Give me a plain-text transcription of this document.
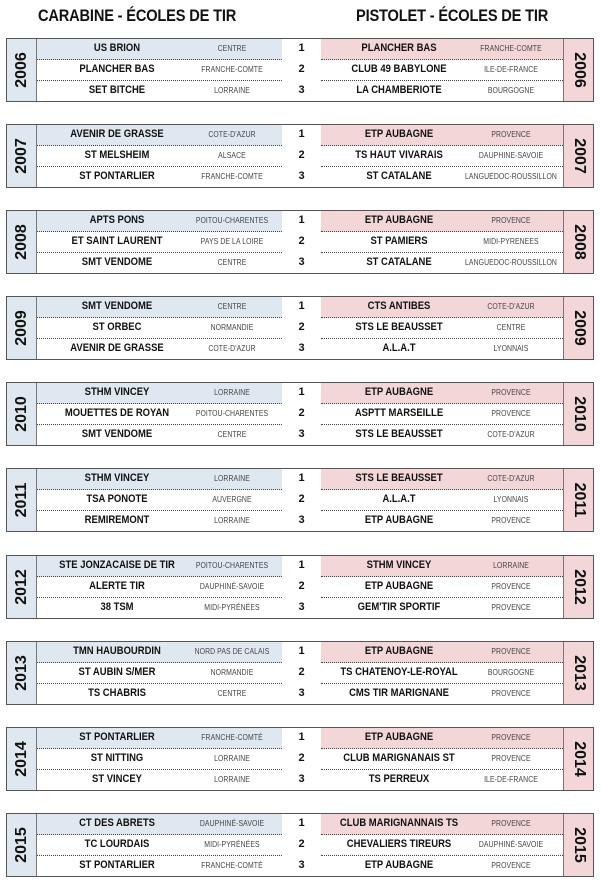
CARABINE - ÉCOLES DE TIR	PISTOLET - ÉCOLES DE TIR
2006
US BRION	CENTRE	1	PLANCHER BAS	FRANCHE-COMTE
PLANCHER BAS	FRANCHE-COMTE	2	CLUB 49 BABYLONE	ILE-DE-FRANCE
SET BITCHE	LORRAINE	3	LA CHAMBERIOTE	BOURGOGNE
2006
2007
AVENIR DE GRASSE	COTE-D'AZUR	1	ETP AUBAGNE	PROVENCE
ST MELSHEIM	ALSACE	2	TS HAUT VIVARAIS	DAUPHINE-SAVOIE
ST PONTARLIER	FRANCHE-COMTE	3	ST CATALANE	LANGUEDOC-ROUSSILLON
2007
2008
APTS PONS	POITOU-CHARENTES	1	ETP AUBAGNE	PROVENCE
ET SAINT LAURENT	PAYS DE LA LOIRE	2	ST PAMIERS	MIDI-PYRENEES
SMT VENDOME	CENTRE	3	ST CATALANE	LANGUEDOC-ROUSSILLON
2008
2009
SMT VENDOME	CENTRE	1	CTS ANTIBES	COTE-D'AZUR
ST ORBEC	NORMANDIE	2	STS LE BEAUSSET	CENTRE
AVENIR DE GRASSE	COTE-D'AZUR	3	A.L.A.T	LYONNAIS
2009
2010
STHM VINCEY	LORRAINE	1	ETP AUBAGNE	PROVENCE
MOUETTES DE ROYAN	POITOU-CHARENTES	2	ASPTT MARSEILLE	PROVENCE
SMT VENDOME	CENTRE	3	STS LE BEAUSSET	COTE-D'AZUR
2010
2011
STHM VINCEY	LORRAINE	1	STS LE BEAUSSET	COTE-D'AZUR
TSA PONOTE	AUVERGNE	2	A.L.A.T	LYONNAIS
REMIREMONT	LORRAINE	3	ETP AUBAGNE	PROVENCE
2011
2012
STE JONZACAISE DE TIR	POITOU-CHARENTES	1	STHM VINCEY	LORRAINE
ALERTE TIR	DAUPHINÉ-SAVOIE	2	ETP AUBAGNE	PROVENCE
38 TSM	MIDI-PYRÉNÉES	3	GEM'TIR SPORTIF	PROVENCE
2012
2013
TMN HAUBOURDIN	NORD PAS DE CALAIS	1	ETP AUBAGNE	PROVENCE
ST AUBIN S/MER	NORMANDIE	2	TS CHATENOY-LE-ROYAL	BOURGOGNE
TS CHABRIS	CENTRE	3	CMS TIR MARIGNANE	PROVENCE
2013
2014
ST PONTARLIER	FRANCHE-COMTÉ	1	ETP AUBAGNE	PROVENCE
ST NITTING	LORRAINE	2	CLUB MARIGNANAIS ST	PROVENCE
ST VINCEY	LORRAINE	3	TS PERREUX	ILE-DE-FRANCE
2014
2015
CT DES ABRETS	DAUPHINÉ-SAVOIE	1	CLUB MARIGNANNAIS TS	PROVENCE
TC LOURDAIS	MIDI-PYRÉNÉES	2	CHEVALIERS TIREURS	DAUPHINÉ-SAVOIE
ST PONTARLIER	FRANCHE-COMTÉ	3	ETP AUBAGNE	PROVENCE
2015
